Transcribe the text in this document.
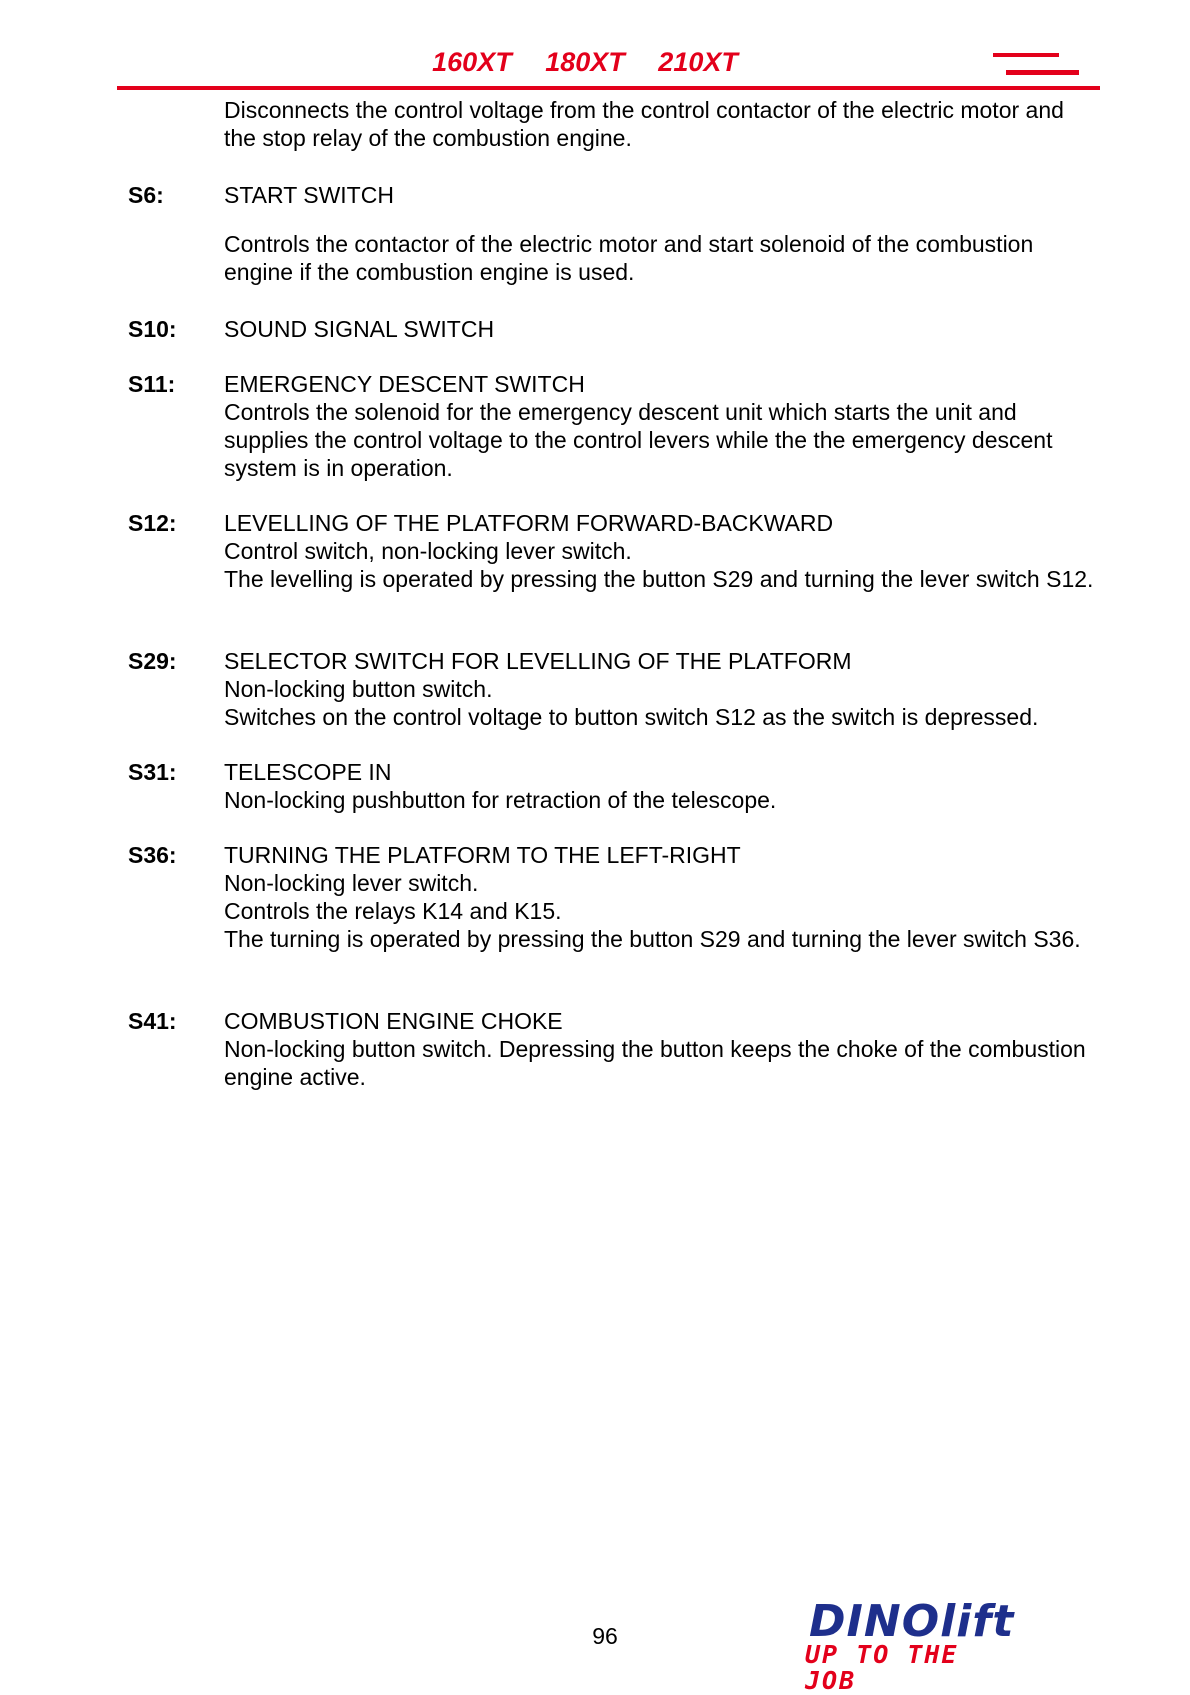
160XT 180XT 210XT
Disconnects the control voltage from the control contactor of the electric motor and the stop relay of the combustion engine.
S6:	START SWITCH
Controls the contactor of the electric motor and start solenoid of the combustion engine if the combustion engine is used.
S10: SOUND SIGNAL SWITCH
S11: EMERGENCY DESCENT SWITCH
Controls the solenoid for the emergency descent unit which starts the unit and supplies the control voltage to the control levers while the the emergency descent system is in operation.
S12: LEVELLING OF THE PLATFORM FORWARD-BACKWARD
Control switch, non-locking lever switch.
The levelling is operated by pressing the button S29 and turning the lever switch S12.
S29: SELECTOR SWITCH FOR LEVELLING OF THE PLATFORM
Non-locking button switch.
Switches on the control voltage to button switch S12 as the switch is depressed.
S31: TELESCOPE IN
Non-locking pushbutton for retraction of the telescope.
S36: TURNING THE PLATFORM TO THE LEFT-RIGHT
Non-locking lever switch.
Controls the relays K14 and K15.
The turning is operated by pressing the button S29 and turning the lever switch S36.
S41: COMBUSTION ENGINE CHOKE
Non-locking button switch. Depressing the button keeps the choke of the combustion engine active.
96	DINOlift
UP TO THE JOB
